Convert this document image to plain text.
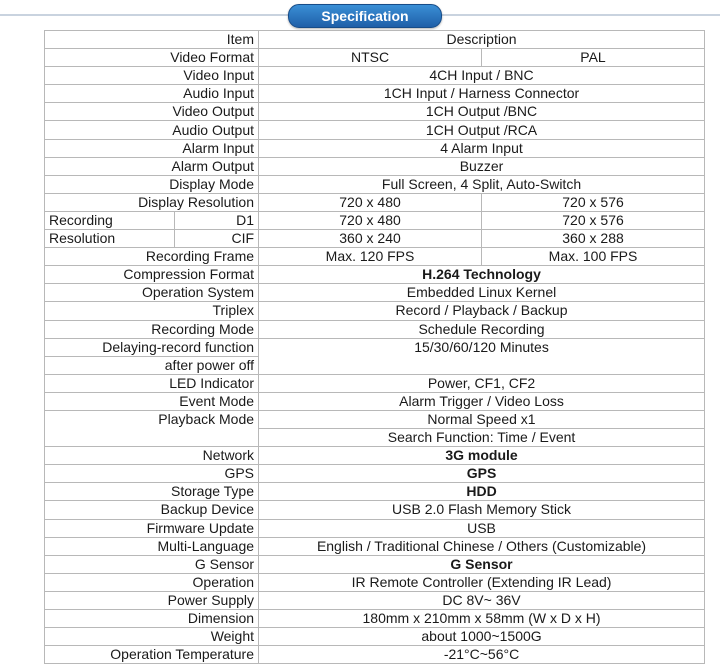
Specification
Item		Description	
Video Format		NTSC	PAL
Video Input		4CH Input / BNC	
Audio Input		1CH Input / Harness Connector	
Video Output		1CH Output /BNC	
Audio Output		1CH Output /RCA	
Alarm Input		4 Alarm Input	
Alarm Output		Buzzer	
Display Mode		Full Screen, 4 Split, Auto-Switch	
Display Resolution		720 x 480	720 x 576
Recording	D1	720 x 480	720 x 576
Resolution	CIF	360 x 240	360 x 288
Recording Frame		Max. 120 FPS	Max. 100 FPS
Compression Format		H.264 Technology	
Operation System		Embedded Linux Kernel	
Triplex		Record / Playback / Backup	
Recording Mode		Schedule Recording	
Delaying-record function		15/30/60/120 Minutes	
after power off			
LED Indicator		Power, CF1, CF2	
Event Mode		Alarm Trigger / Video Loss	
Playback Mode		Normal Speed x1	
		Search Function: Time / Event	
Network		3G module	
GPS		GPS	
Storage Type		HDD	
Backup Device		USB 2.0 Flash Memory Stick	
Firmware Update		USB	
Multi-Language		English / Traditional Chinese / Others (Customizable)	
G Sensor		G Sensor	
Operation		IR Remote Controller (Extending IR Lead)	
Power Supply		DC 8V~ 36V	
Dimension		180mm x 210mm x 58mm (W x D x H)	
Weight		about 1000~1500G	
Operation Temperature		-21°C~56°C	
